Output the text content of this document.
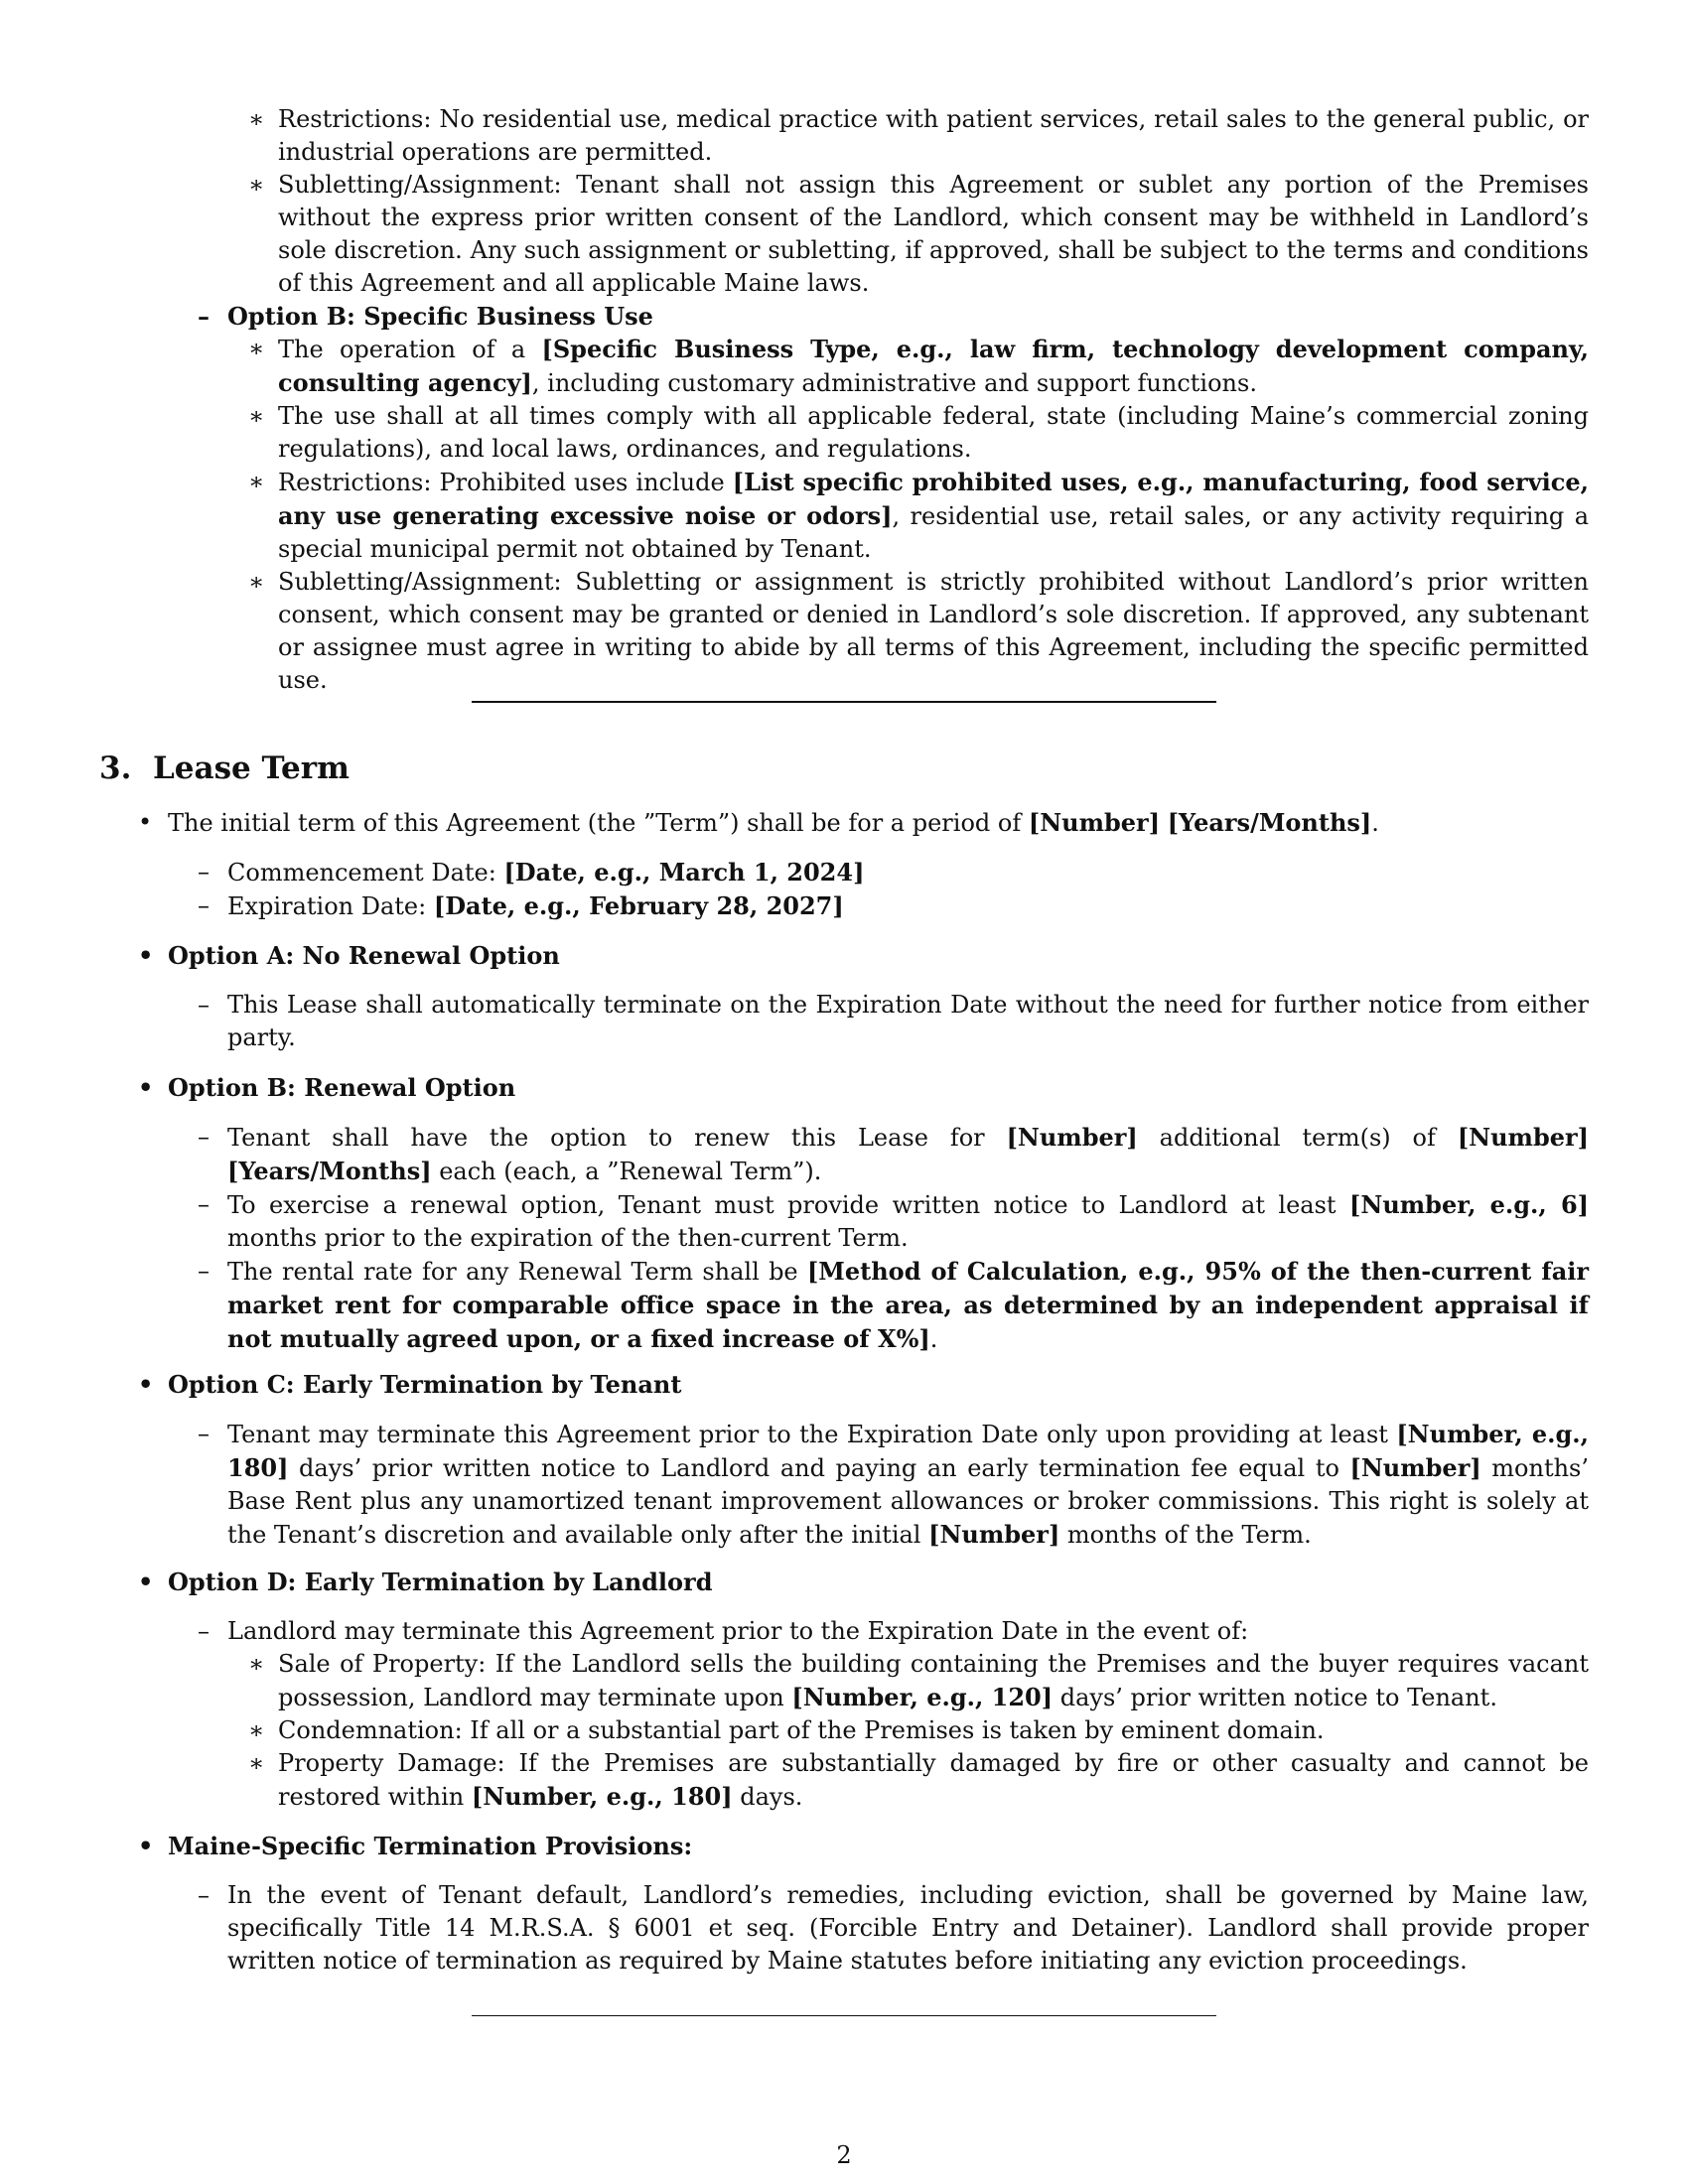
∗ Restrictions: No residential use, medical practice with patient services, retail sales to the general public, or industrial operations are permitted.
∗ Subletting/Assignment: Tenant shall not assign this Agreement or sublet any portion of the Premises without the express prior written consent of the Landlord, which consent may be withheld in Landlord’s sole discretion. Any such assignment or subletting, if approved, shall be subject to the terms and conditions of this Agreement and all applicable Maine laws.
– Option B: Specific Business Use
∗ The operation of a [Specific Business Type, e.g., law firm, technology development company, consulting agency], including customary administrative and support functions.
∗ The use shall at all times comply with all applicable federal, state (including Maine’s commercial zoning regulations), and local laws, ordinances, and regulations.
∗ Restrictions: Prohibited uses include [List specific prohibited uses, e.g., manufacturing, food service, any use generating excessive noise or odors], residential use, retail sales, or any activity requiring a special municipal permit not obtained by Tenant.
∗ Subletting/Assignment: Subletting or assignment is strictly prohibited without Landlord’s prior written consent, which consent may be granted or denied in Landlord’s sole discretion. If approved, any subtenant or assignee must agree in writing to abide by all terms of this Agreement, including the specific permitted use.
3. Lease Term
• The initial term of this Agreement (the ”Term”) shall be for a period of [Number] [Years/Months].
– Commencement Date: [Date, e.g., March 1, 2024]
– Expiration Date: [Date, e.g., February 28, 2027]
• Option A: No Renewal Option
– This Lease shall automatically terminate on the Expiration Date without the need for further notice from either party.
• Option B: Renewal Option
– Tenant shall have the option to renew this Lease for [Number] additional term(s) of [Number] [Years/Months] each (each, a ”Renewal Term”).
– To exercise a renewal option, Tenant must provide written notice to Landlord at least [Number, e.g., 6] months prior to the expiration of the then-current Term.
– The rental rate for any Renewal Term shall be [Method of Calculation, e.g., 95% of the then-current fair market rent for comparable office space in the area, as determined by an independent appraisal if not mutually agreed upon, or a fixed increase of X%].
• Option C: Early Termination by Tenant
– Tenant may terminate this Agreement prior to the Expiration Date only upon providing at least [Number, e.g., 180] days’ prior written notice to Landlord and paying an early termination fee equal to [Number] months’ Base Rent plus any unamortized tenant improvement allowances or broker commissions. This right is solely at the Tenant’s discretion and available only after the initial [Number] months of the Term.
• Option D: Early Termination by Landlord
– Landlord may terminate this Agreement prior to the Expiration Date in the event of:
∗ Sale of Property: If the Landlord sells the building containing the Premises and the buyer requires vacant possession, Landlord may terminate upon [Number, e.g., 120] days’ prior written notice to Tenant.
∗ Condemnation: If all or a substantial part of the Premises is taken by eminent domain.
∗ Property Damage: If the Premises are substantially damaged by fire or other casualty and cannot be restored within [Number, e.g., 180] days.
• Maine-Specific Termination Provisions:
– In the event of Tenant default, Landlord’s remedies, including eviction, shall be governed by Maine law, specifically Title 14 M.R.S.A. § 6001 et seq. (Forcible Entry and Detainer). Landlord shall provide proper written notice of termination as required by Maine statutes before initiating any eviction proceedings.
2
